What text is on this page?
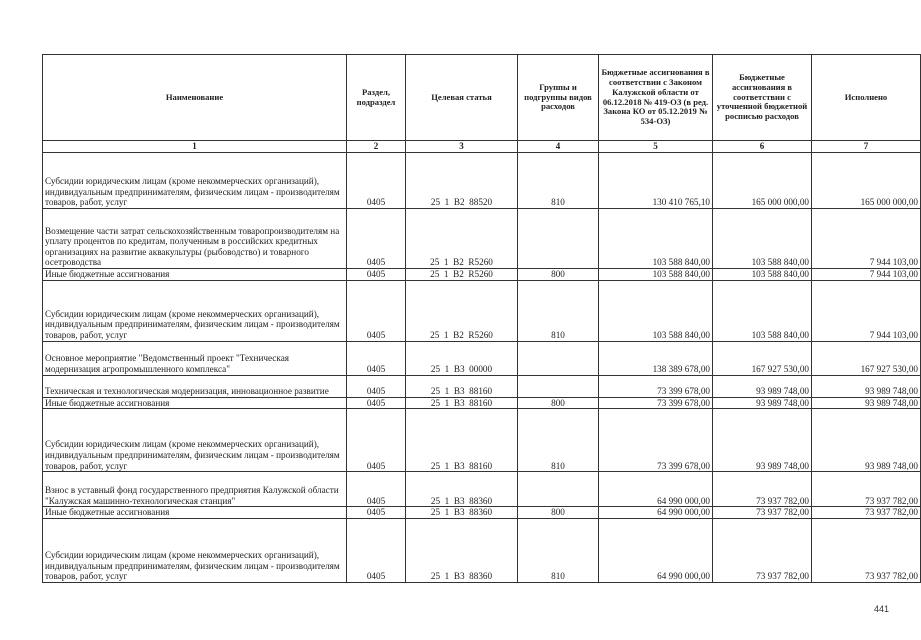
Наименование	Раздел, подраздел	Целевая статья	Группы и подгруппы видов расходов	Бюджетные ассигнования в соответствии с Законом Калужской области от 06.12.2018 № 419-ОЗ (в ред. Закона КО от 05.12.2019 № 534-ОЗ)	Бюджетные ассигнования в соответствии с уточненной бюджетной росписью расходов	Исполнено
1	2	3	4	5	6	7
Субсидии юридическим лицам (кроме некоммерческих организаций), индивидуальным предпринимателям, физическим лицам - производителям товаров, работ, услуг	0405	25  1  В2  88520	810	130 410 765,10	165 000 000,00	165 000 000,00
Возмещение части затрат сельскохозяйственным товаропроизводителям на уплату процентов по кредитам, полученным в российских кредитных организациях на развитие аквакультуры (рыбоводство) и товарного осетроводства	0405	25  1  В2  R5260		103 588 840,00	103 588 840,00	7 944 103,00
Иные бюджетные ассигнования	0405	25  1  В2  R5260	800	103 588 840,00	103 588 840,00	7 944 103,00
Субсидии юридическим лицам (кроме некоммерческих организаций), индивидуальным предпринимателям, физическим лицам - производителям товаров, работ, услуг	0405	25  1  В2  R5260	810	103 588 840,00	103 588 840,00	7 944 103,00
Основное мероприятие "Ведомственный проект "Техническая модернизация агропромышленного комплекса"	0405	25  1  В3  00000		138 389 678,00	167 927 530,00	167 927 530,00
Техническая и технологическая модернизация, инновационное развитие	0405	25  1  В3  88160		73 399 678,00	93 989 748,00	93 989 748,00
Иные бюджетные ассигнования	0405	25  1  В3  88160	800	73 399 678,00	93 989 748,00	93 989 748,00
Субсидии юридическим лицам (кроме некоммерческих организаций), индивидуальным предпринимателям, физическим лицам - производителям товаров, работ, услуг	0405	25  1  В3  88160	810	73 399 678,00	93 989 748,00	93 989 748,00
Взнос в уставный фонд государственного предприятия Калужской области "Калужская машинно-технологическая станция"	0405	25  1  В3  88360		64 990 000,00	73 937 782,00	73 937 782,00
Иные бюджетные ассигнования	0405	25  1  В3  88360	800	64 990 000,00	73 937 782,00	73 937 782,00
Субсидии юридическим лицам (кроме некоммерческих организаций), индивидуальным предпринимателям, физическим лицам - производителям товаров, работ, услуг	0405	25  1  В3  88360	810	64 990 000,00	73 937 782,00	73 937 782,00
441
